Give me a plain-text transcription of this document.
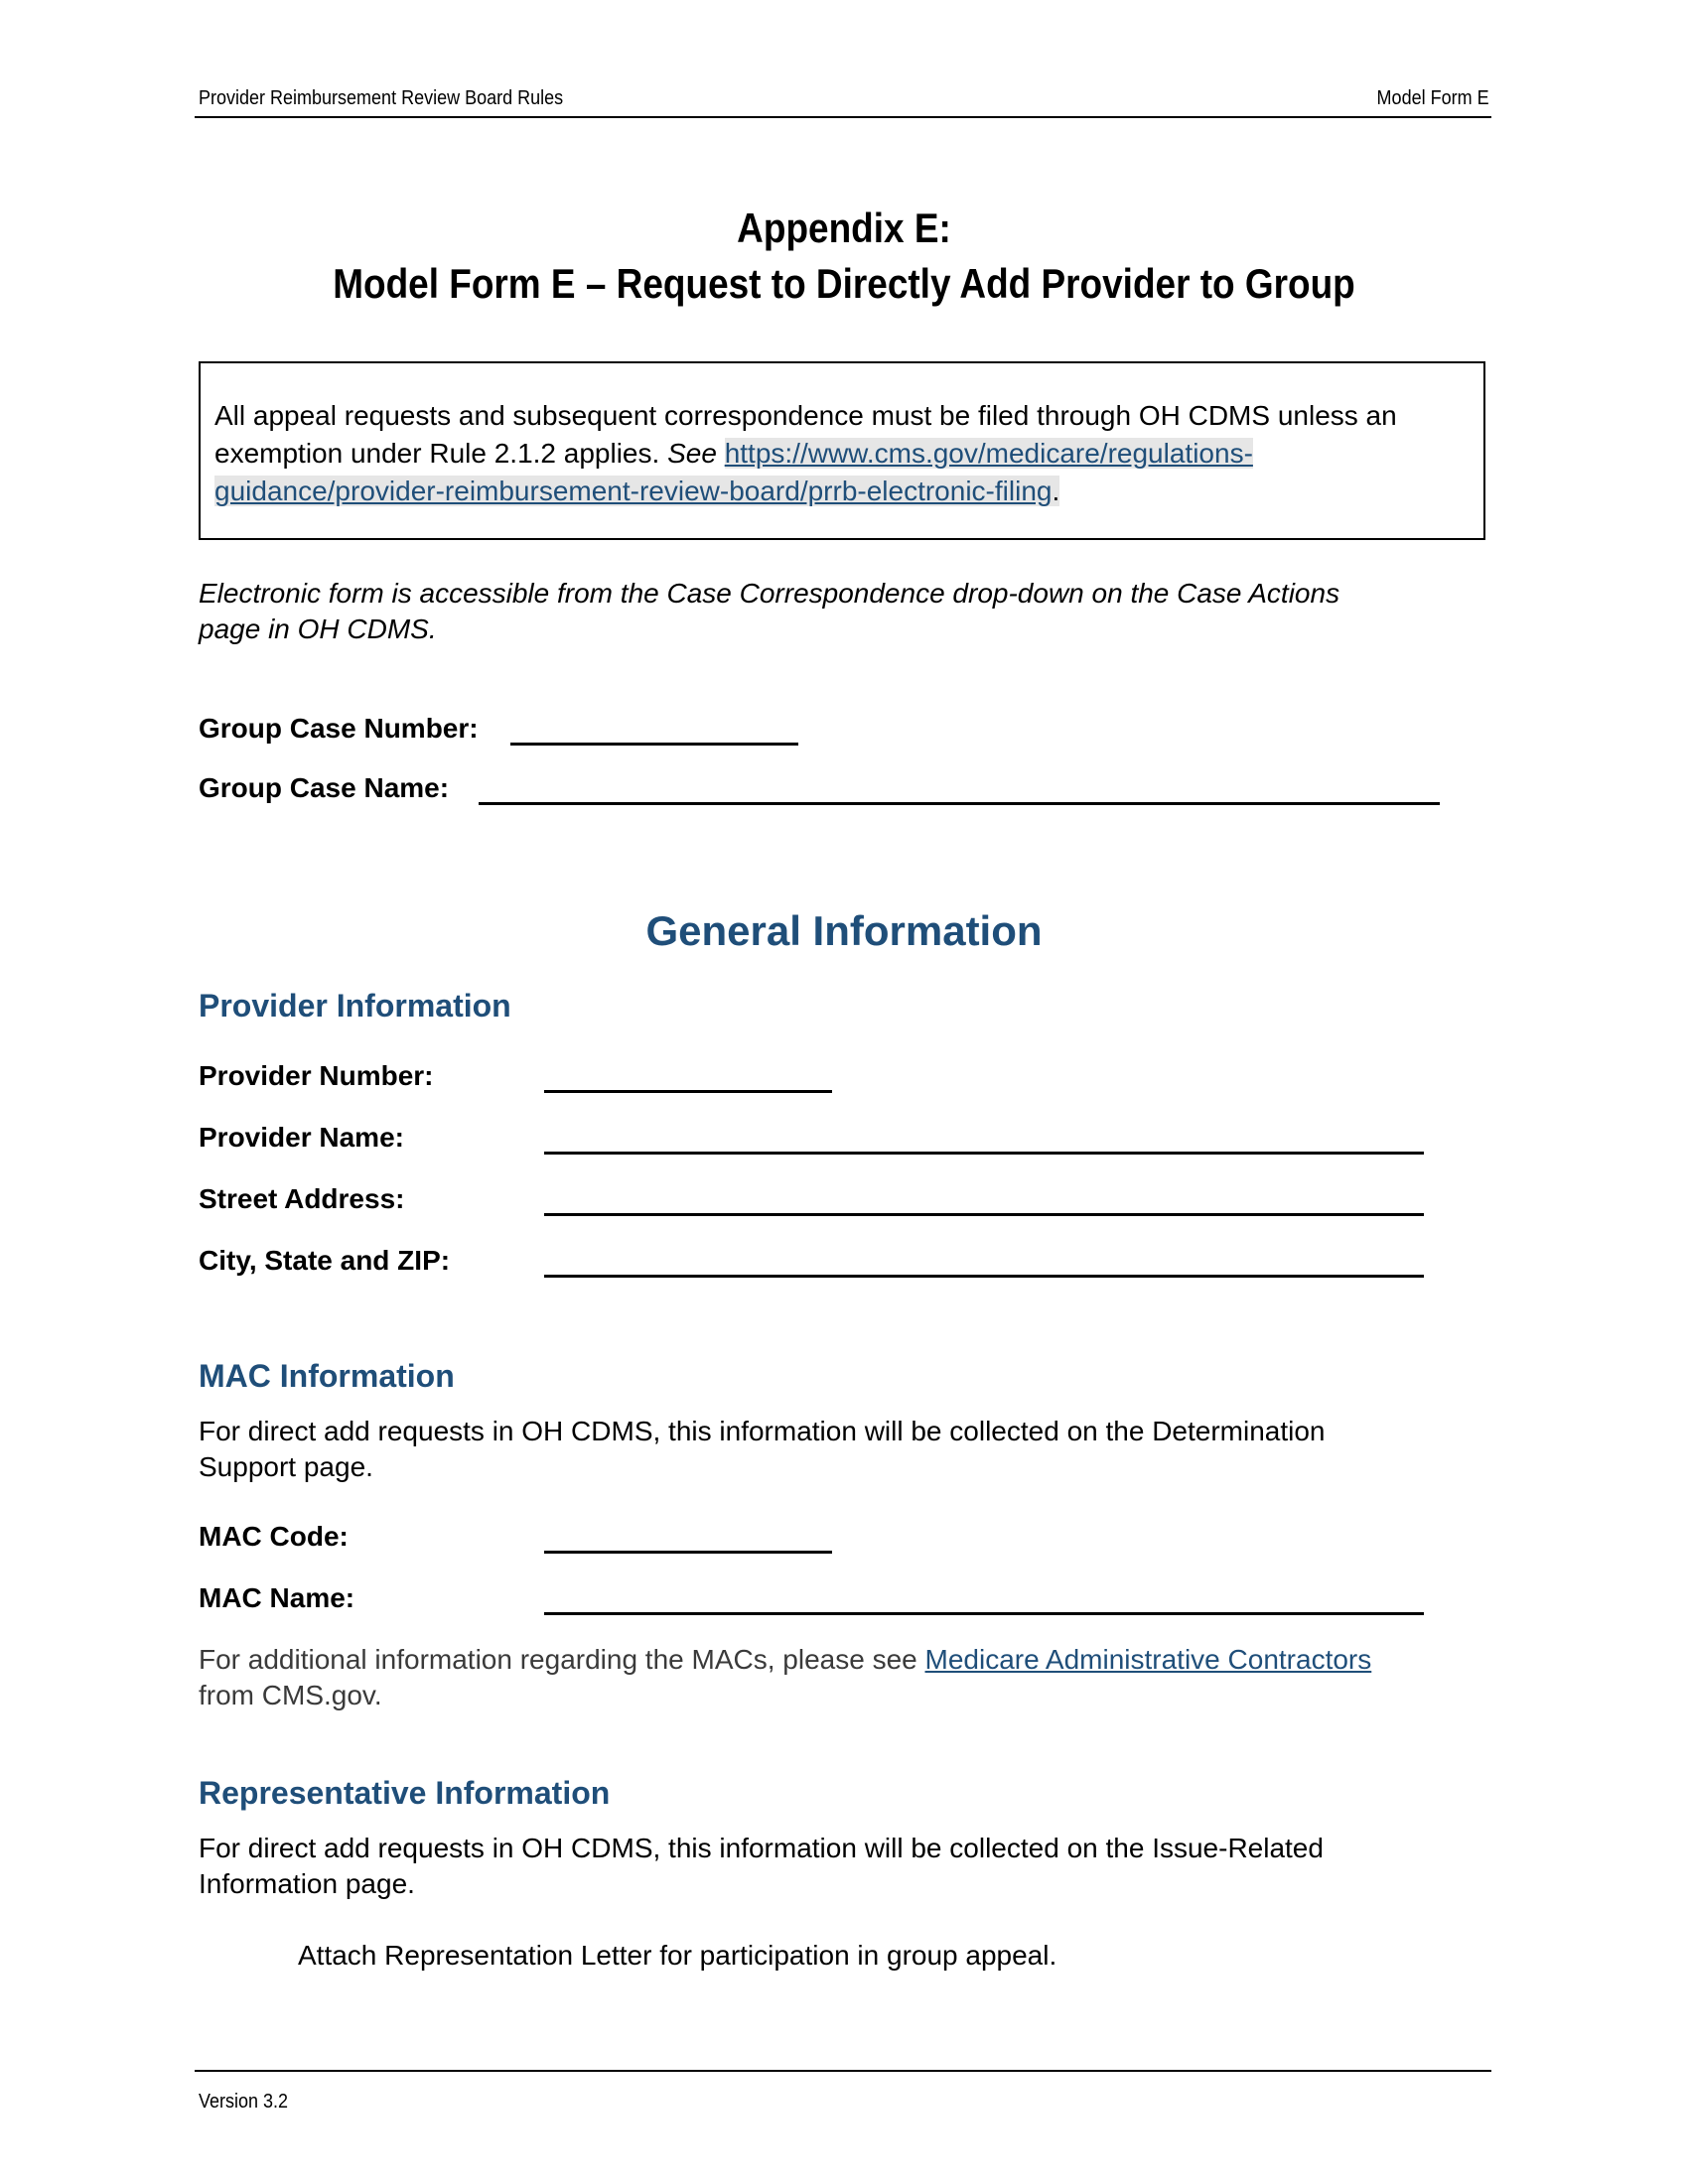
Provider Reimbursement Review Board Rules	Model Form E
Appendix E:
Model Form E – Request to Directly Add Provider to Group
All appeal requests and subsequent correspondence must be filed through OH CDMS unless an exemption under Rule 2.1.2 applies. See https://www.cms.gov/medicare/regulations-guidance/provider-reimbursement-review-board/prrb-electronic-filing.
Electronic form is accessible from the Case Correspondence drop-down on the Case Actions
page in OH CDMS.
Group Case Number:
Group Case Name:
General Information
Provider Information
Provider Number:
Provider Name:
Street Address:
City, State and ZIP:
MAC Information
For direct add requests in OH CDMS, this information will be collected on the Determination
Support page.
MAC Code:
MAC Name:
For additional information regarding the MACs, please see Medicare Administrative Contractors
from CMS.gov.
Representative Information
For direct add requests in OH CDMS, this information will be collected on the Issue-Related
Information page.
Attach Representation Letter for participation in group appeal.
Version 3.2
